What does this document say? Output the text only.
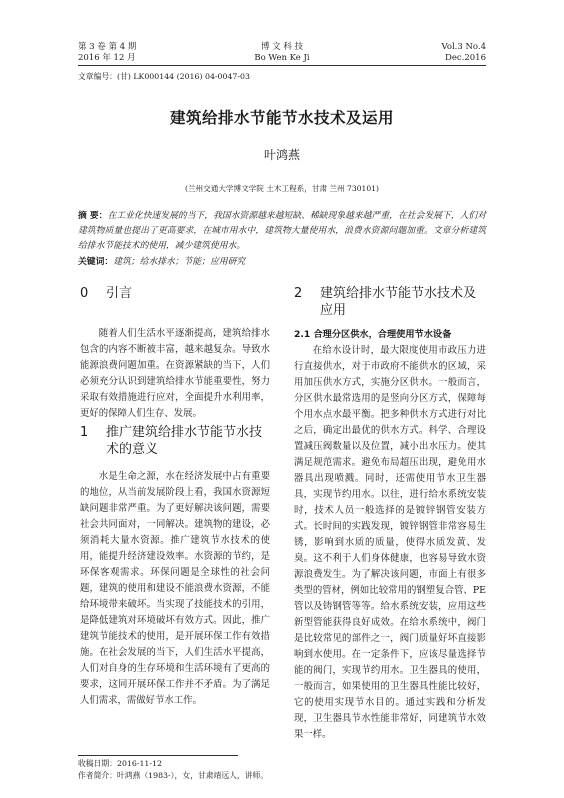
第 3 卷 第 4 期
2016 年 12 月
博 文 科 技
Bo Wen Ke Ji
Vol.3 No.4
Dec.2016
文章编号：(甘) LK000144 (2016) 04-0047-03
建筑给排水节能节水技术及运用
叶鸿燕
(兰州交通大学博文学院 土木工程系，甘肃 兰州 730101)
摘 要：在工业化快速发展的当下，我国水资源越来越短缺、稀缺现象越来越严重，在社会发展下，人们对建筑物质量也提出了更高要求，在城市用水中，建筑物大量使用水，浪费水资源问题加重。文章分析建筑给排水节能技术的使用，减少建筑使用水。
关键词：建筑；给水排水；节能；应用研究
0 引言

随着人们生活水平逐渐提高，建筑给排水包含的内容不断被丰富，越来越复杂。导致水能源浪费问题加重。在资源紧缺的当下，人们必须充分认识到建筑给排水节能重要性，努力采取有效措施进行应对，全面提升水利用率，更好的保障人们生存、发展。

1	推广建筑给排水节能节水技术的意义

水是生命之源，水在经济发展中占有重要的地位，从当前发展阶段上看，我国水资源短缺问题非常严重。为了更好解决该问题，需要社会共同面对，一同解决。建筑物的建设，必须消耗大量水资源。推广建筑节水技术的使用，能提升经济建设效率。水资源的节约，是环保客观需求。环保问题是全球性的社会问题，建筑的使用和建设不能浪费水资源，不能给环境带来破坏。当实现了技能技术的引用，是降低建筑对环境破坏有效方式。因此，推广建筑节能技术的使用，是开展环保工作有效措施。在社会发展的当下，人们生活水平提高，人们对自身的生存环境和生活环境有了更高的要求，这同开展环保工作并不矛盾。为了满足人们需求，需做好节水工作。

2	建筑给排水节能节水技术及应用
2.1 合理分区供水，合理使用节水设备

在给水设计时，最大限度使用市政压力进行直接供水，对于市政府不能供水的区域，采用加压供水方式，实施分区供水。一般而言，分区供水最常选用的是竖向分区方式，保障每个用水点水最平衡。把多种供水方式进行对比之后，确定出最优的供水方式。科学、合理设置减压阀数量以及位置，减小出水压力。使其满足规范需求。避免布局超压出现，避免用水器具出现喷溅。同时，还需使用节水卫生器具，实现节约用水。以往，进行给水系统安装时，技术人员一般选择的是镀锌钢管安装方式。长时间的实践发现，镀锌钢管非常容易生锈，影响到水质的质量，使得水质发黄、发臭。这不利于人们身体健康，也容易导致水资源浪费发生。为了解决该问题，市面上有很多类型的管材，例如比较常用的钢塑复合管、PE 管以及铸钢管等等。给水系统安装，应用这些新型管能获得良好成效。在给水系统中，阀门是比较常见的部件之一，阀门质量好坏直接影响到水使用。在一定条件下，应该尽量选择节能的阀门，实现节约用水。卫生器具的使用，一般而言，如果使用的卫生器具性能比较好，它的使用实现节水目的。通过实践和分析发现，卫生器具节水性能非常好，同建筑节水效果一样。

收稿日期：2016-11-12
作者简介：叶鸿燕（1983-），女，甘肃靖远人，讲师。
